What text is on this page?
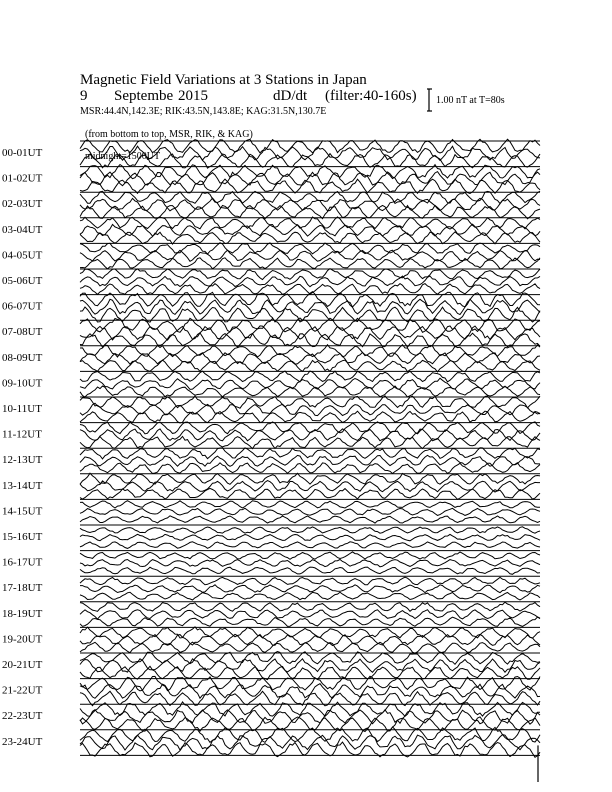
Magnetic Field Variations at 3 Stations in Japan

9

Septembe

2015

	dD/dt

(filter:40-160s)

MSR:44.4N,142.3E; RIK:43.5N,143.8E; KAG:31.5N,130.7E

(from bottom to top, MSR, RIK, & KAG)

midnight=1500UT

1.00 nT at T=80s
00-01UT
01-02UT
02-03UT
03-04UT
04-05UT
05-06UT
06-07UT
07-08UT
08-09UT
09-10UT
10-11UT
11-12UT
12-13UT
13-14UT
14-15UT
15-16UT
16-17UT
17-18UT
18-19UT
19-20UT
20-21UT
21-22UT
22-23UT
23-24UT
